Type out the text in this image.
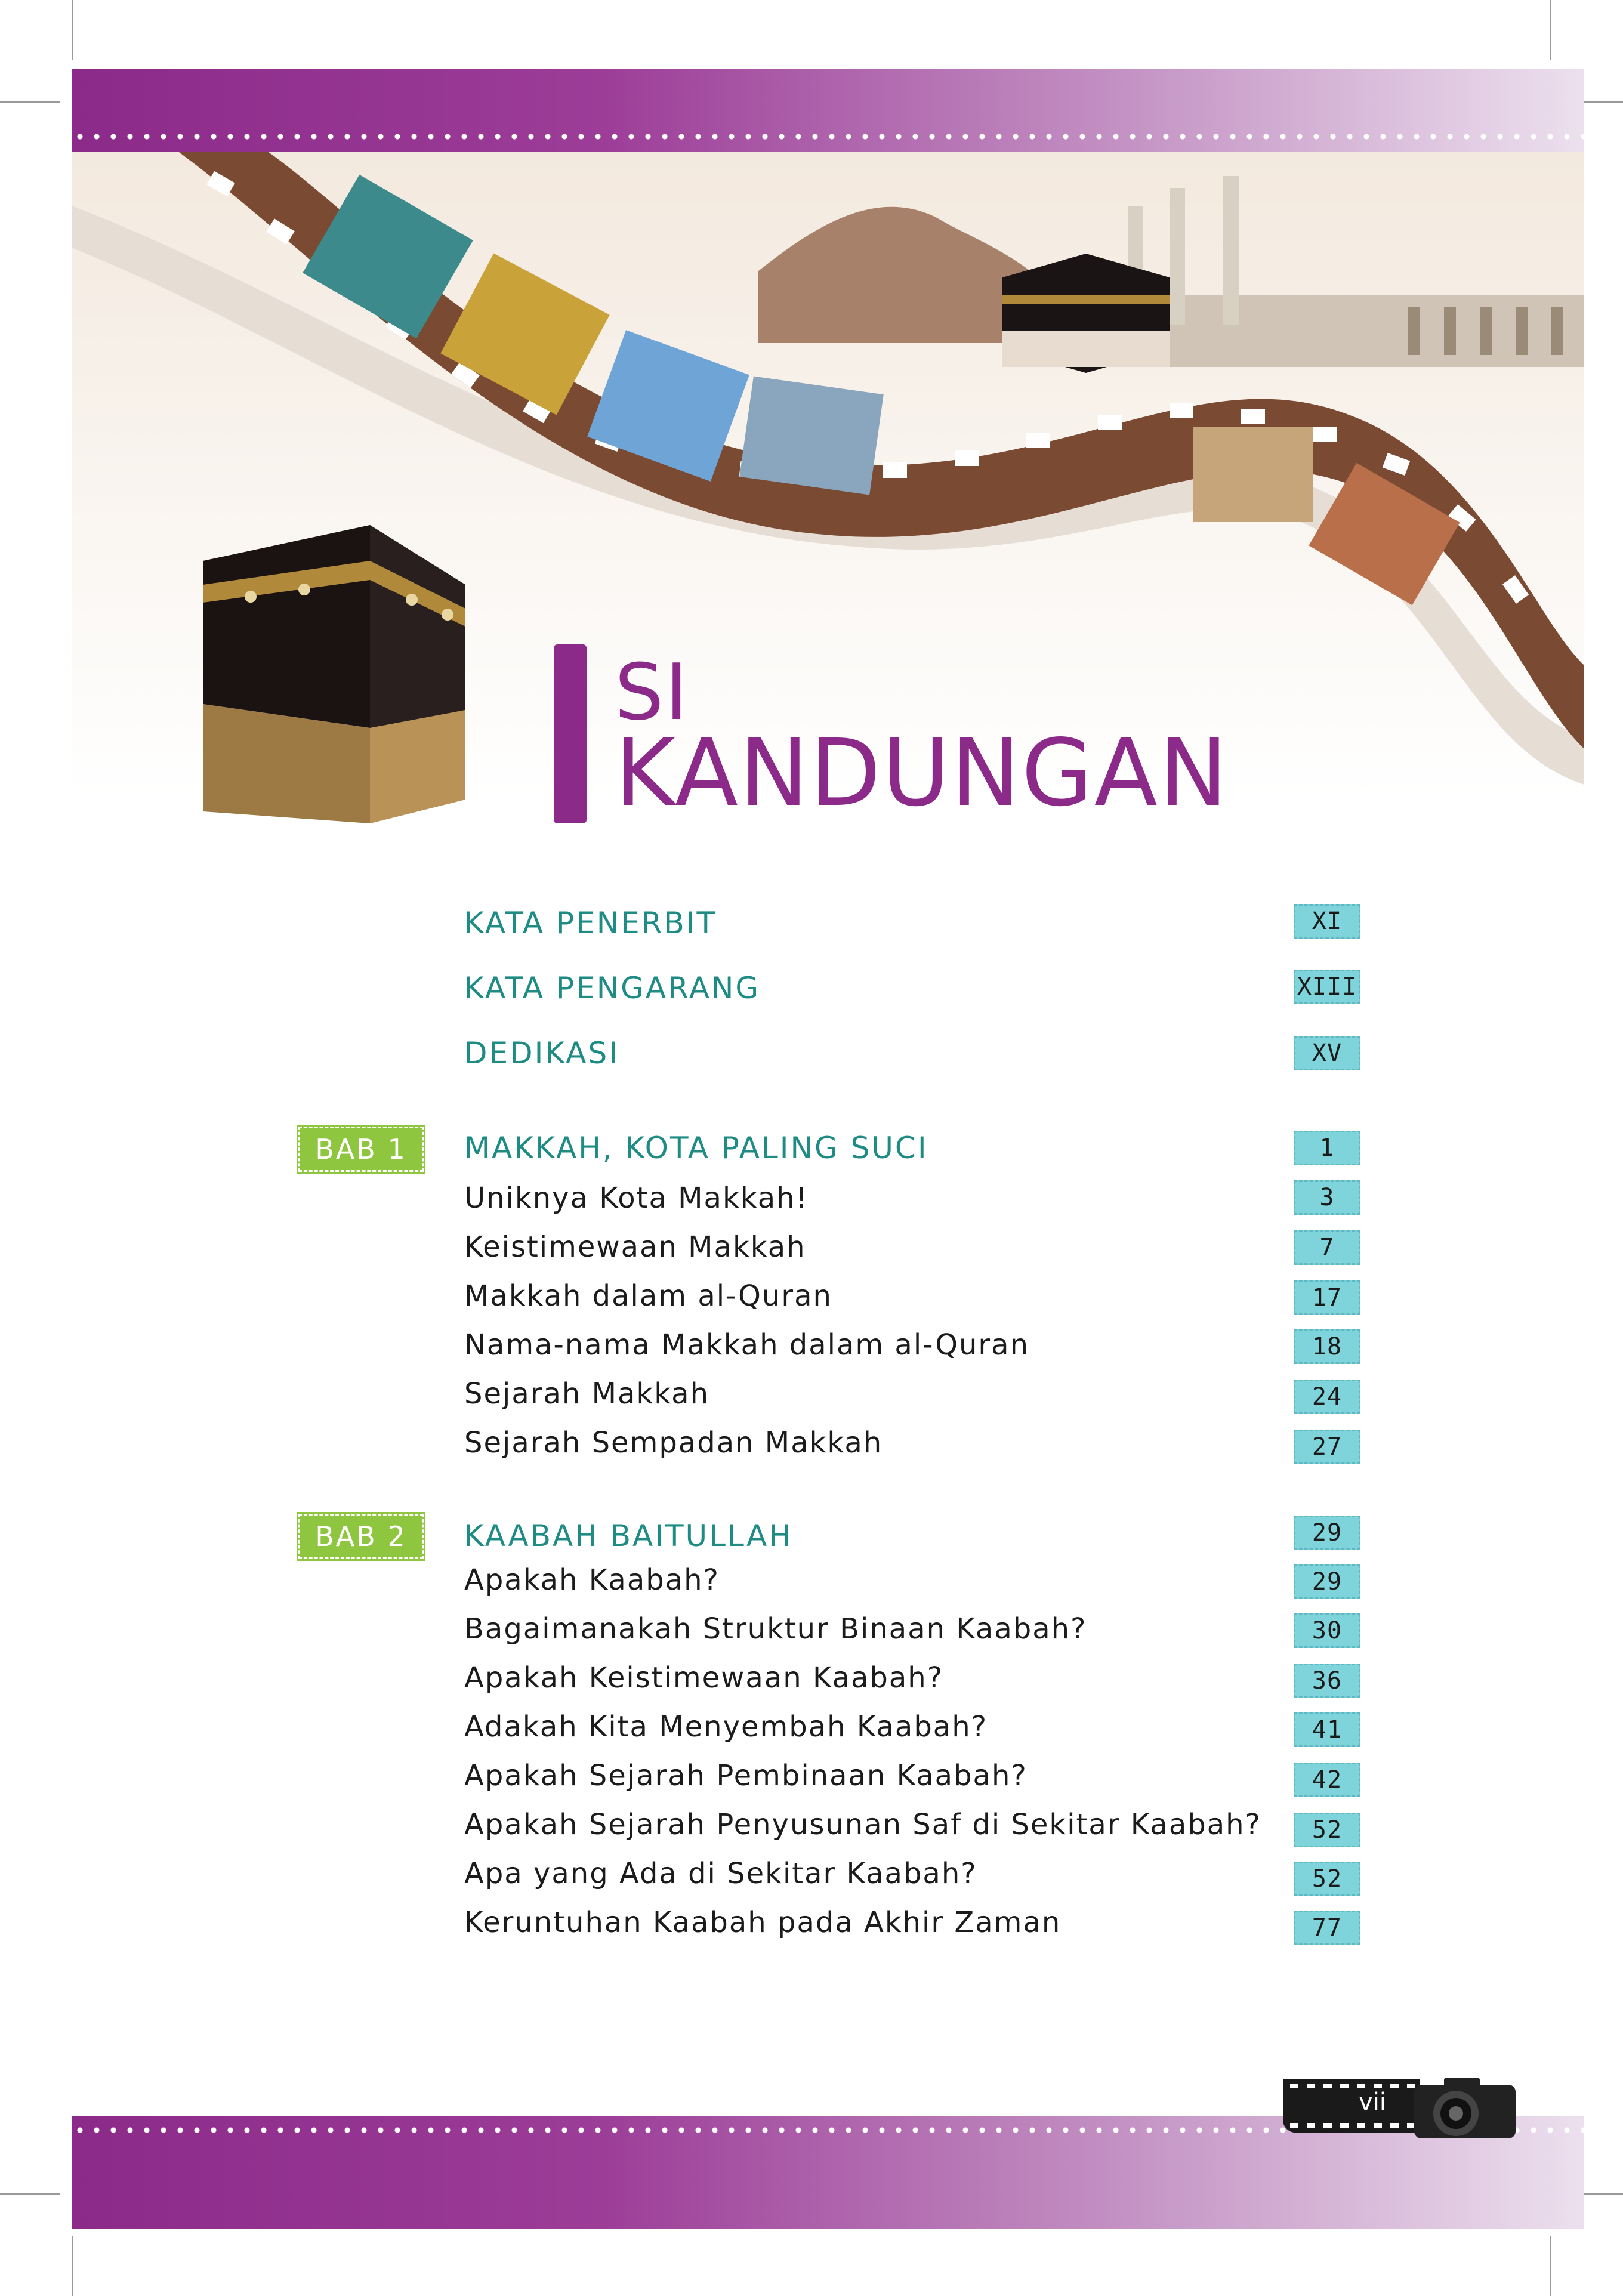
SI
KANDUNGAN
KATA PENERBIT	XI
KATA PENGARANG	XIII
DEDIKASI	XV
BAB 1	MAKKAH, KOTA PALING SUCI	1
Uniknya Kota Makkah!	3
Keistimewaan Makkah	7
Makkah dalam al-Quran	17
Nama-nama Makkah dalam al-Quran	18
Sejarah Makkah	24
Sejarah Sempadan Makkah	27
BAB 2	KAABAH BAITULLAH	29
Apakah Kaabah?	29
Bagaimanakah Struktur Binaan Kaabah?	30
Apakah Keistimewaan Kaabah?	36
Adakah Kita Menyembah Kaabah?	41
Apakah Sejarah Pembinaan Kaabah?	42
Apakah Sejarah Penyusunan Saf di Sekitar Kaabah?	52
Apa yang Ada di Sekitar Kaabah?	52
Keruntuhan Kaabah pada Akhir Zaman	77
vii
